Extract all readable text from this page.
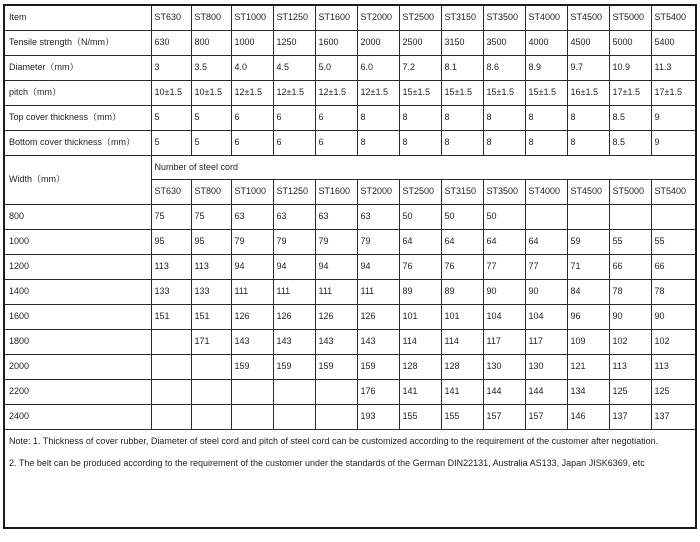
Item	ST630	ST800	ST1000	ST1250	ST1600	ST2000	ST2500	ST3150	ST3500	ST4000	ST4500	ST5000	ST5400
Tensile strength（N/mm）	630	800	1000	1250	1600	2000	2500	3150	3500	4000	4500	5000	5400
Diameter（mm）	3	3.5	4.0	4.5	5.0	6.0	7.2	8.1	8.6	8.9	9.7	10.9	11.3
pitch（mm）	10±1.5	10±1.5	12±1.5	12±1.5	12±1.5	12±1.5	15±1.5	15±1.5	15±1.5	15±1.5	16±1.5	17±1.5	17±1.5
Top cover thickness（mm）	5	5	6	6	6	8	8	8	8	8	8	8.5	9
Bottom cover thickness（mm）	5	5	6	6	6	8	8	8	8	8	8	8.5	9
Width（mm）	Number of steel cord												
	ST630	ST800	ST1000	ST1250	ST1600	ST2000	ST2500	ST3150	ST3500	ST4000	ST4500	ST5000	ST5400
800	75	75	63	63	63	63	50	50	50				
1000	95	95	79	79	79	79	64	64	64	64	59	55	55
1200	113	113	94	94	94	94	76	76	77	77	71	66	66
1400	133	133	111	111	111	111	89	89	90	90	84	78	78
1600	151	151	126	126	126	126	101	101	104	104	96	90	90
1800		171	143	143	143	143	114	114	117	117	109	102	102
2000			159	159	159	159	128	128	130	130	121	113	113
2200						176	141	141	144	144	134	125	125
2400						193	155	155	157	157	146	137	137

Note: 1. Thickness of cover rubber, Diameter of steel cord and pitch of steel cord can be customized according to the requirement of the customer after negotiation.
2. The belt can be produced according to the requirement of the customer under the standards of the German DIN22131, Australia AS133, Japan JISK6369, etc													
